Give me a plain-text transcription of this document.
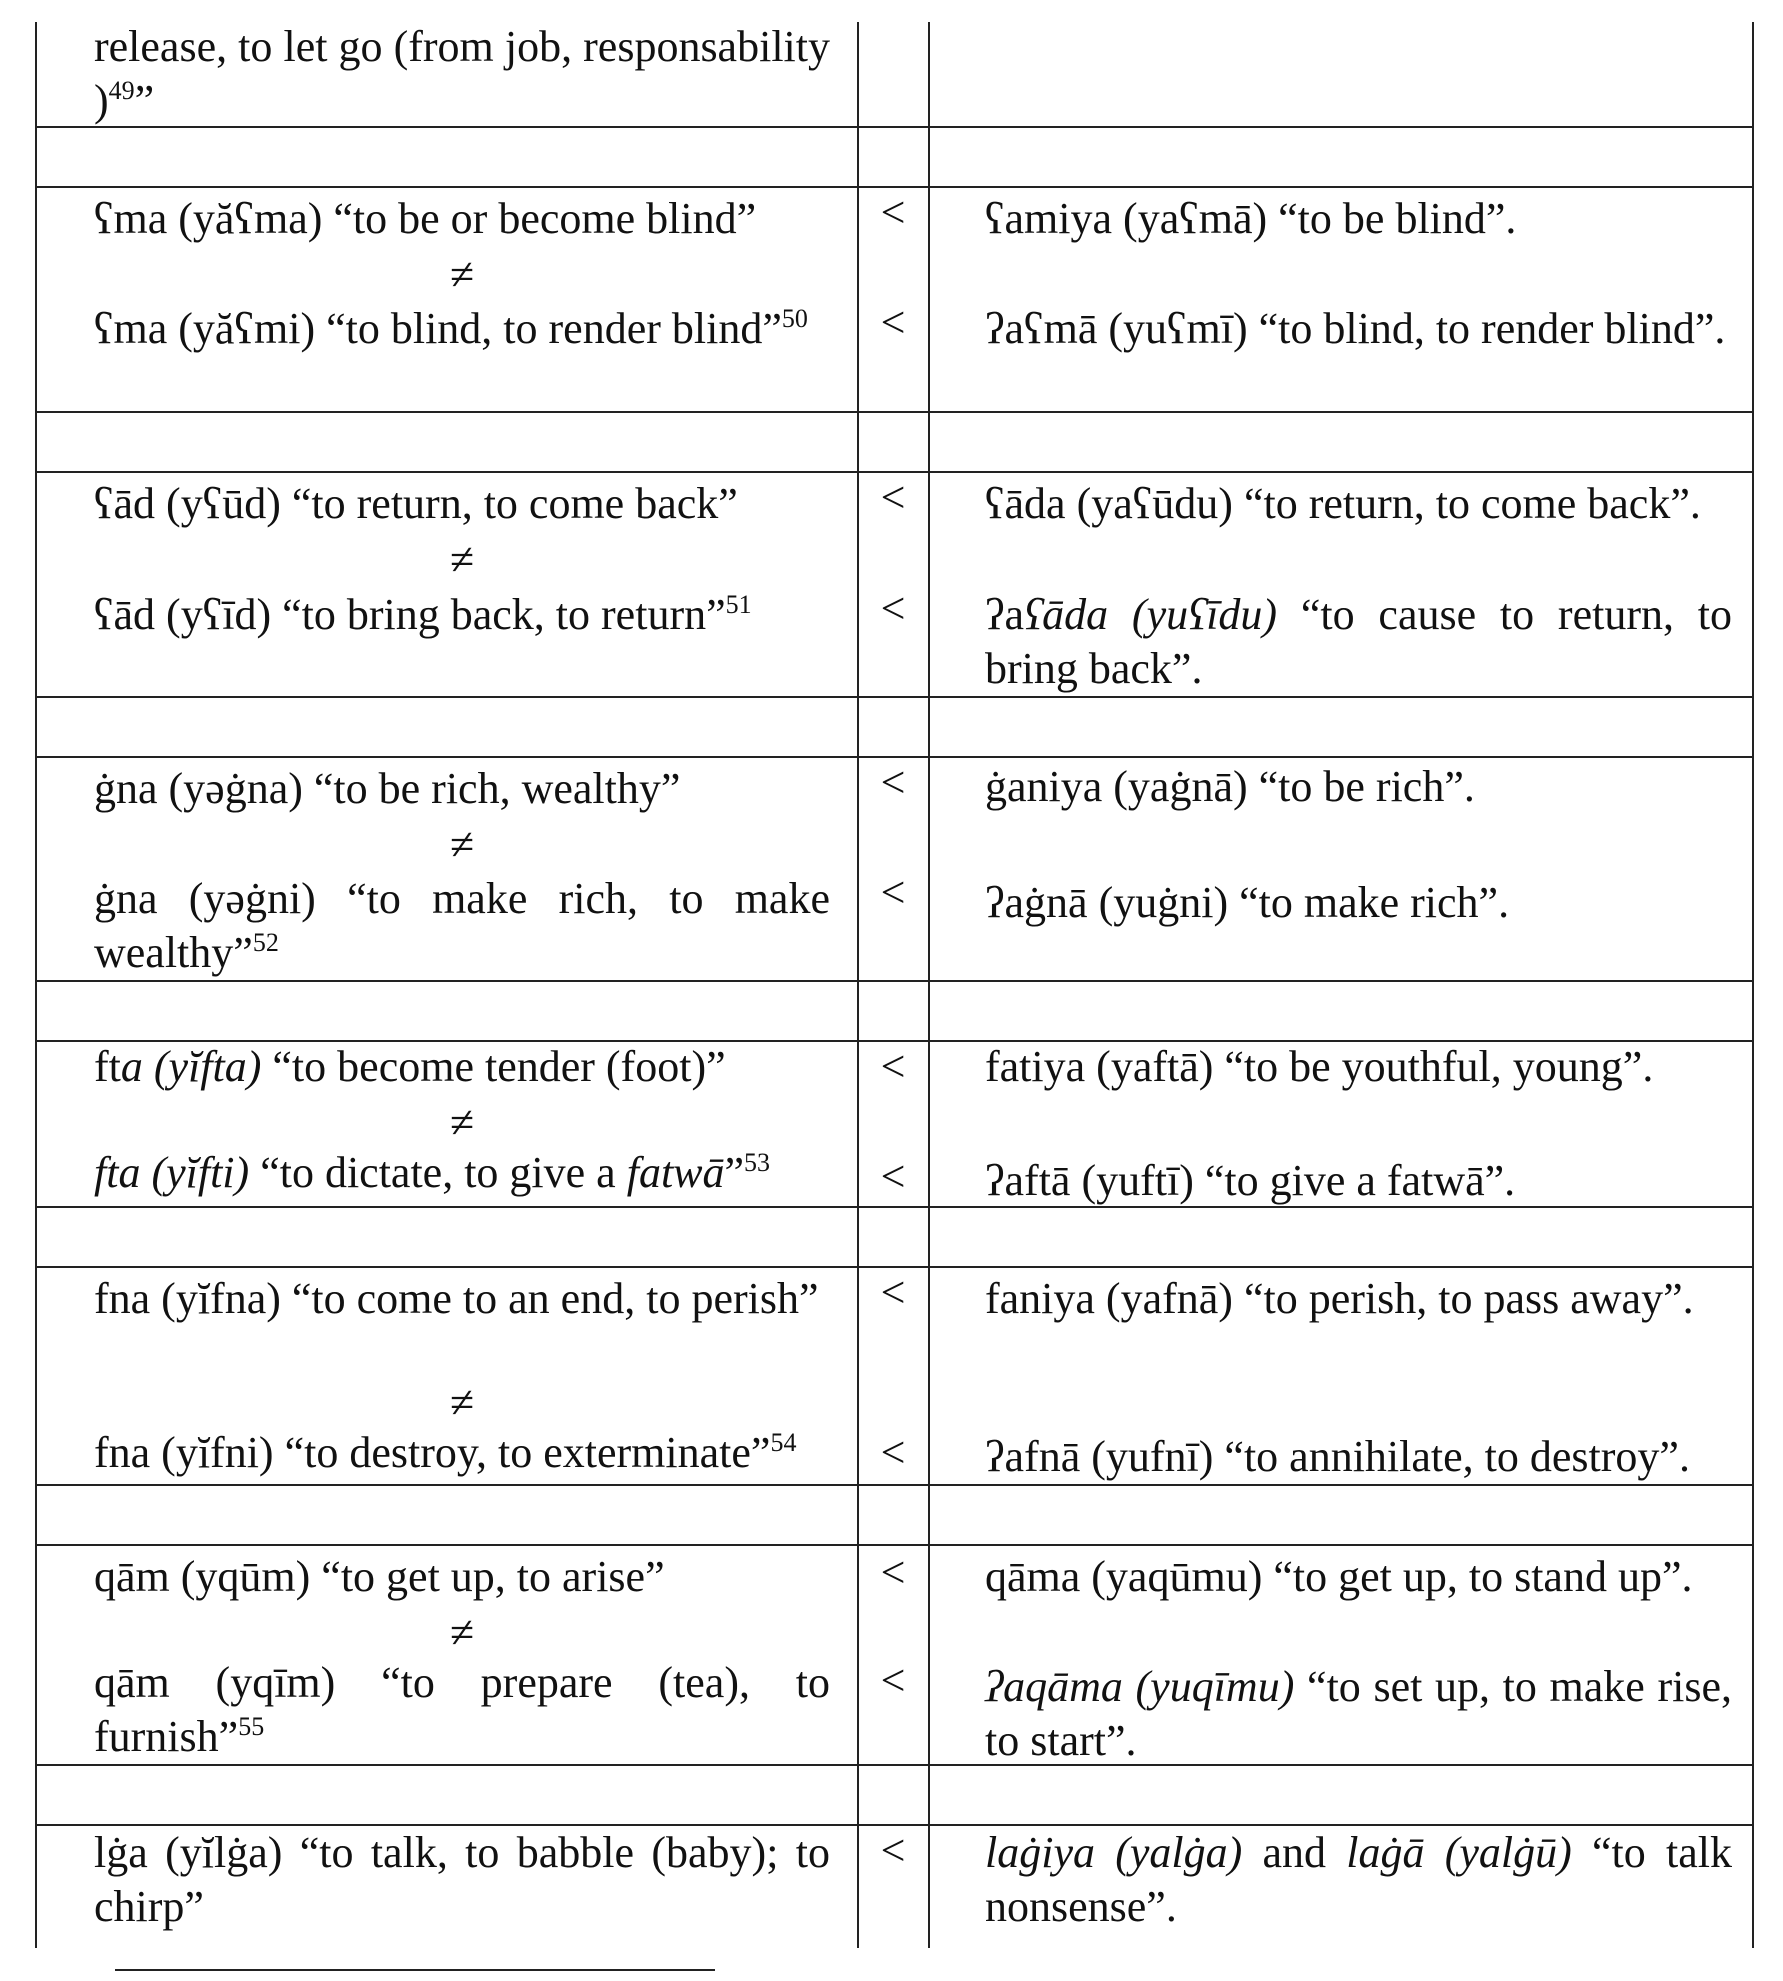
release, to let go (from job, responsability )$^{49}$”
ʕma (yăʕma) “to be or become blind”
≠
ʕma (yăʕmi) “to blind, to render blind”$^{50}$
<
<
ʕamiya (yaʕmā) “to be blind”.
ʔaʕmā (yuʕmī) “to blind, to render blind”.
ʕād (yʕūd) “to return, to come back”
≠
ʕād (yʕīd) “to bring back, to return”$^{51}$
<
<
ʕāda (yaʕūdu) “to return, to come back”.
ʔaʕāda (yuʕīdu) “to cause to return, to bring back”.
ġna (yəġna) “to be rich, wealthy”
≠
ġna (yəġni) “to make rich, to make wealthy”$^{52}$
<
<
ġaniya (yaġnā) “to be rich”.
ʔaġnā (yuġni) “to make rich”.
fta (yĭfta) “to become tender (foot)”
≠
fta (yĭfti) “to dictate, to give a fatwā”$^{53}$
<
<
fatiya (yaftā) “to be youthful, young”.
ʔaftā (yuftī) “to give a fatwā”.
fna (yĭfna) “to come to an end, to perish”
≠
fna (yĭfni) “to destroy, to exterminate”$^{54}$
<
<
faniya (yafnā) “to perish, to pass away”.
ʔafnā (yufnī) “to annihilate, to destroy”.
qām (yqūm) “to get up, to arise”
≠
qām (yqīm) “to prepare (tea), to furnish”$^{55}$
<
<
qāma (yaqūmu) “to get up, to stand up”.
ʔaqāma (yuqīmu) “to set up, to make rise, to start”.
lġa (yĭlġa) “to talk, to babble (baby); to chirp”
<	laġiya (yalġa) and laġā (yalġū) “to talk nonsense”.
